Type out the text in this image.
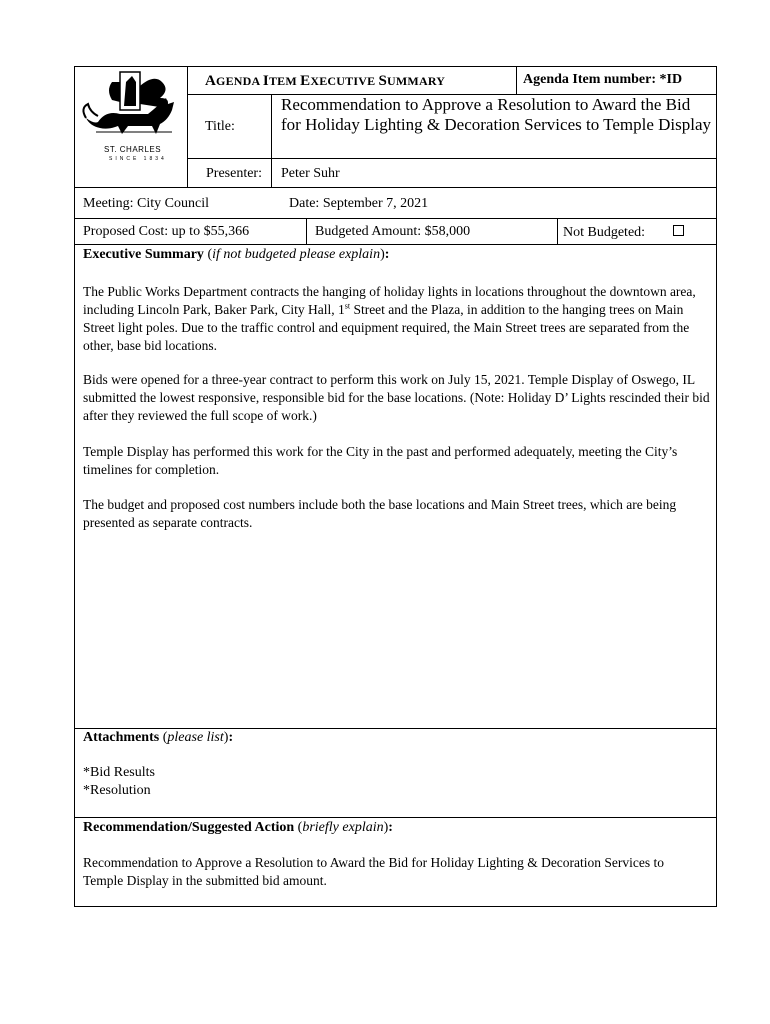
ST. CHARLES
SINCE 1834
AGENDA ITEM EXECUTIVE SUMMARY	Agenda Item number: *ID
Title:
Recommendation to Approve a Resolution to Award the Bid for Holiday Lighting & Decoration Services to Temple Display
Presenter: Peter Suhr
Meeting: City Council	Date: September 7, 2021
Proposed Cost: up to $55,366	Budgeted Amount: $58,000	Not Budgeted:
Executive Summary (if not budgeted please explain):
The Public Works Department contracts the hanging of holiday lights in locations throughout the downtown area, including Lincoln Park, Baker Park, City Hall, 1st Street and the Plaza, in addition to the hanging trees on Main Street light poles. Due to the traffic control and equipment required, the Main Street trees are separated from the other, base bid locations.
Bids were opened for a three-year contract to perform this work on July 15, 2021. Temple Display of Oswego, IL submitted the lowest responsive, responsible bid for the base locations. (Note: Holiday D’ Lights rescinded their bid after they reviewed the full scope of work.)
Temple Display has performed this work for the City in the past and performed adequately, meeting the City’s timelines for completion.
The budget and proposed cost numbers include both the base locations and Main Street trees, which are being presented as separate contracts.
Attachments (please list):
*Bid Results
*Resolution
Recommendation/Suggested Action (briefly explain):
Recommendation to Approve a Resolution to Award the Bid for Holiday Lighting & Decoration Services to Temple Display in the submitted bid amount.
